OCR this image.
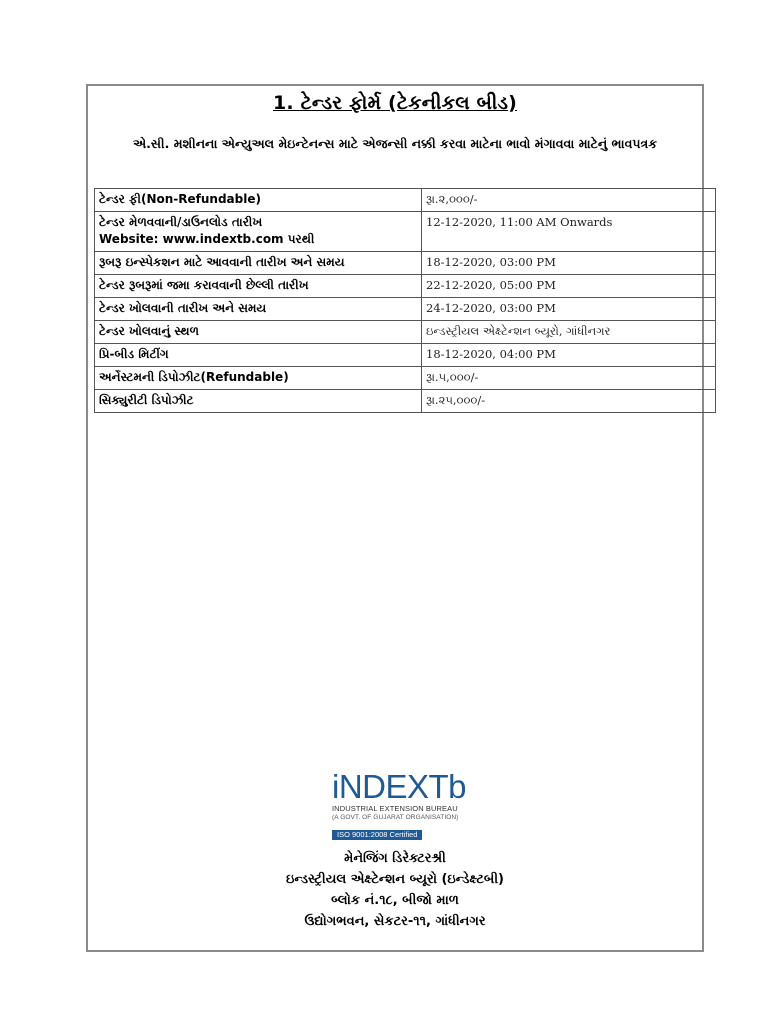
1. ટેન્ડર ફોર્મ (ટેકનીકલ બીડ)
એ.સી. મશીનના એન્યુઅલ મેઇન્ટેનન્સ માટે એજન્સી નક્કી કરવા માટેના ભાવો મંગાવવા માટેનું ભાવપત્રક
ટેન્ડર ફી(Non-Refundable)	રૂા.૨,૦૦૦/-
ટેન્ડર મેળવવાની/ડાઉનલોડ તારીખ
Website: www.indextb.com પરથી	12-12-2020, 11:00 AM Onwards
રૂબરૂ ઇન્સ્પેકશન માટે આવવાની તારીખ અને સમય	18-12-2020, 03:00 PM
ટેન્ડર રૂબરૂમાં જમા કરાવવાની છેલ્લી તારીખ	22-12-2020, 05:00 PM
ટેન્ડર ખોલવાની તારીખ અને સમય	24-12-2020, 03:00 PM
ટેન્ડર ખોલવાનું સ્થળ	ઇન્ડસ્ટ્રીયલ એક્ષ્ટેન્શન બ્યૂરો, ગાંધીનગર
પ્રિ-બીડ મિટીંગ	18-12-2020, 04:00 PM
અર્નેસ્ટમની ડિપોઝીટ(Refundable)	રૂા.૫,૦૦૦/-
સિક્યુરીટી ડિપોઝીટ	રૂા.૨૫,૦૦૦/-
iNDEXTb
INDUSTRIAL EXTENSION BUREAU
(A GOVT. OF GUJARAT ORGANISATION)
ISO 9001:2008 Certified
મેનેજિંગ ડિરેક્ટરશ્રી
ઇન્ડસ્ટ્રીયલ એક્ષ્ટેન્શન બ્યૂરો (ઇન્ડેક્ષ્ટબી)
બ્લોક નં.૧૮, બીજો માળ
ઉદ્યોગભવન, સેકટર-૧૧, ગાંધીનગર
